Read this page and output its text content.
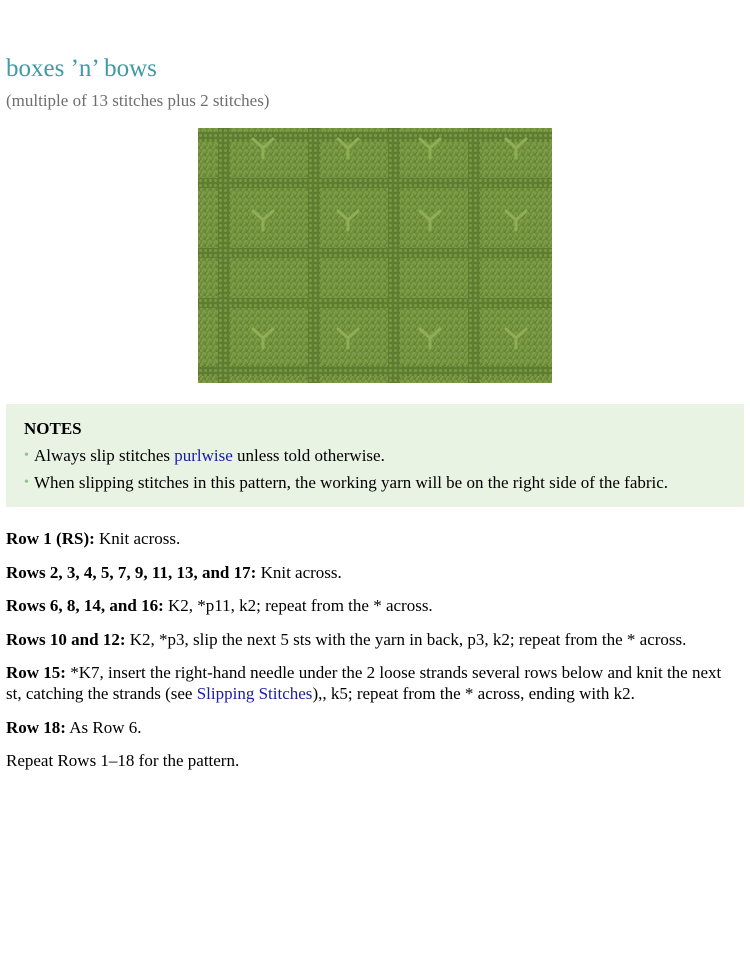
boxes ’n’ bows
(multiple of 13 stitches plus 2 stitches)
NOTES
• Always slip stitches purlwise unless told otherwise.
• When slipping stitches in this pattern, the working yarn will be on the right side of the fabric.

Row 1 (RS): Knit across.

Rows 2, 3, 4, 5, 7, 9, 11, 13, and 17: Knit across.

Rows 6, 8, 14, and 16: K2, *p11, k2; repeat from the * across.

Rows 10 and 12: K2, *p3, slip the next 5 sts with the yarn in back, p3, k2; repeat from the * across.

Row 15: *K7, insert the right-hand needle under the 2 loose strands several rows below and knit the next st, catching the strands (see Slipping Stitches),, k5; repeat from the * across, ending with k2.

Row 18: As Row 6.

Repeat Rows 1–18 for the pattern.
